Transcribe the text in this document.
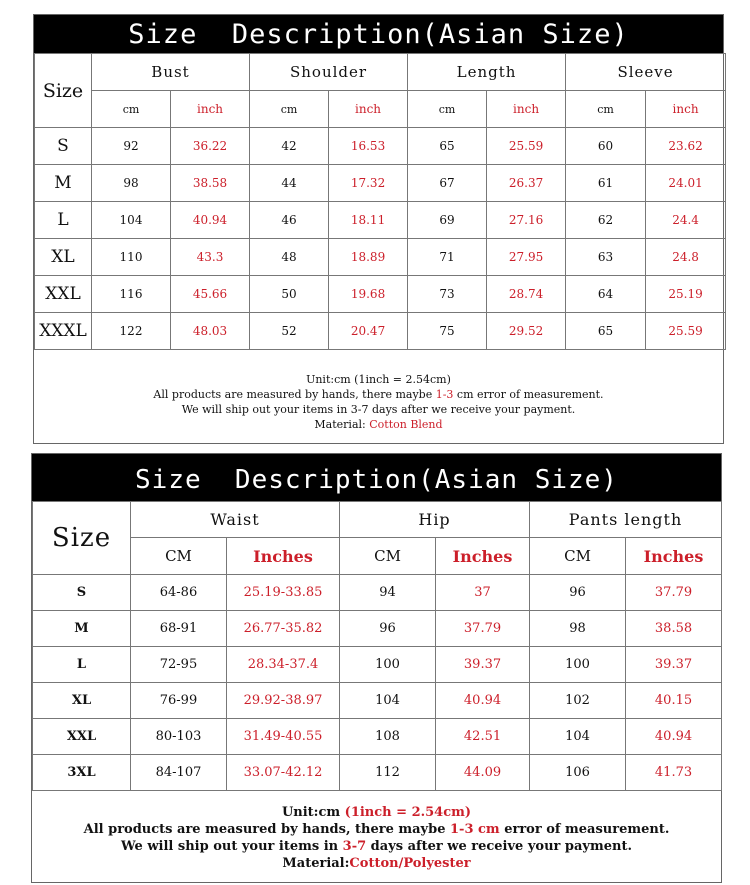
Size  Description(Asian Size)
Size	Bust		Shoulder		Length		Sleeve	
	cm	inch	cm	inch	cm	inch	cm	inch
S	92	36.22	42	16.53	65	25.59	60	23.62
M	98	38.58	44	17.32	67	26.37	61	24.01
L	104	40.94	46	18.11	69	27.16	62	24.4
XL	110	43.3	48	18.89	71	27.95	63	24.8
XXL	116	45.66	50	19.68	73	28.74	64	25.19
XXXL	122	48.03	52	20.47	75	29.52	65	25.59
Unit:cm (1inch = 2.54cm)
All products are measured by hands, there maybe 1-3 cm error of measurement.
We will ship out your items in 3-7 days after we receive your payment.
Material: Cotton Blend
Size  Description(Asian Size)
Size	Waist		Hip		Pants length	
	CM	Inches	CM	Inches	CM	Inches
S	64-86	25.19-33.85	94	37	96	37.79
M	68-91	26.77-35.82	96	37.79	98	38.58
L	72-95	28.34-37.4	100	39.37	100	39.37
XL	76-99	29.92-38.97	104	40.94	102	40.15
XXL	80-103	31.49-40.55	108	42.51	104	40.94
3XL	84-107	33.07-42.12	112	44.09	106	41.73
Unit:cm (1inch = 2.54cm)
All products are measured by hands, there maybe 1-3 cm error of measurement.
We will ship out your items in 3-7 days after we receive your payment.
Material:Cotton/Polyester
